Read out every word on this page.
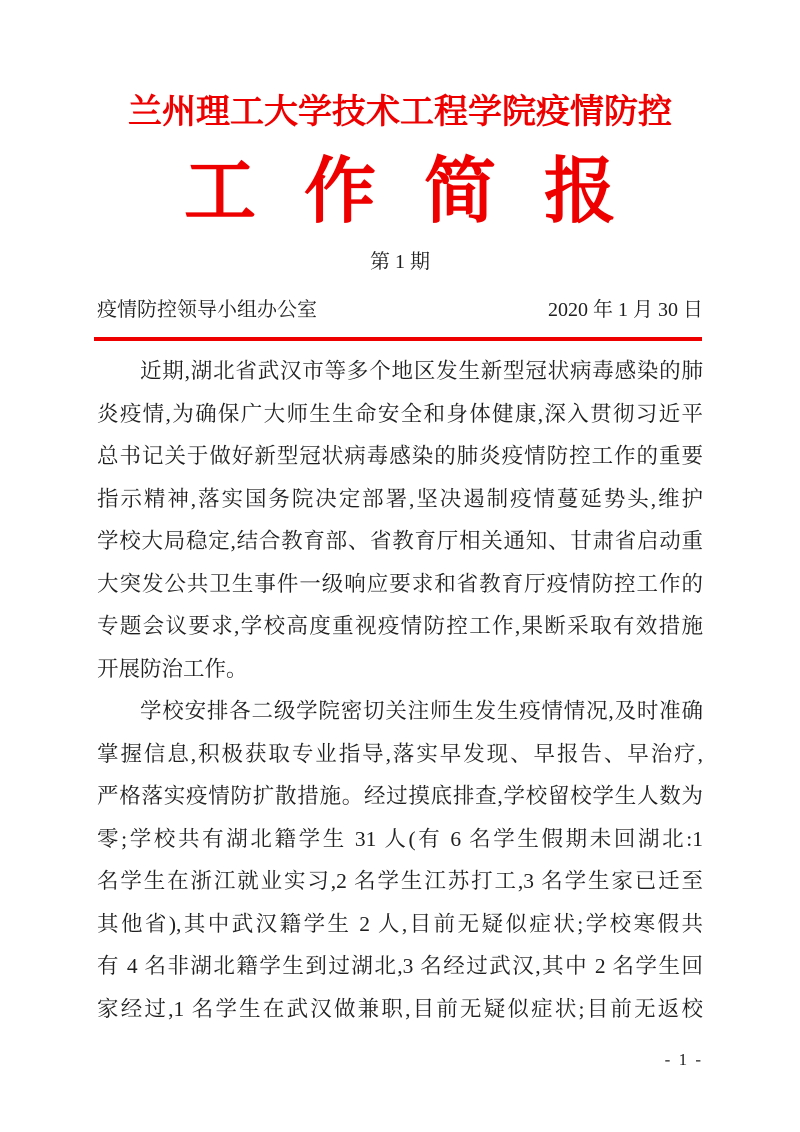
兰州理工大学技术工程学院疫情防控
工作简报
第 1 期
疫情防控领导小组办公室	2020 年 1 月 30 日
近期,湖北省武汉市等多个地区发生新型冠状病毒感染的肺
炎疫情,为确保广大师生生命安全和身体健康,深入贯彻习近平
总书记关于做好新型冠状病毒感染的肺炎疫情防控工作的重要
指示精神,落实国务院决定部署,坚决遏制疫情蔓延势头,维护
学校大局稳定,结合教育部、省教育厅相关通知、甘肃省启动重
大突发公共卫生事件一级响应要求和省教育厅疫情防控工作的
专题会议要求,学校高度重视疫情防控工作,果断采取有效措施
开展防治工作。
学校安排各二级学院密切关注师生发生疫情情况,及时准确
掌握信息,积极获取专业指导,落实早发现、早报告、早治疗,
严格落实疫情防扩散措施。经过摸底排查,学校留校学生人数为
零;学校共有湖北籍学生 31 人(有 6 名学生假期未回湖北:1
名学生在浙江就业实习,2 名学生江苏打工,3 名学生家已迁至
其他省),其中武汉籍学生 2 人,目前无疑似症状;学校寒假共
有 4 名非湖北籍学生到过湖北,3 名经过武汉,其中 2 名学生回
家经过,1 名学生在武汉做兼职,目前无疑似症状;目前无返校
- 1 -
